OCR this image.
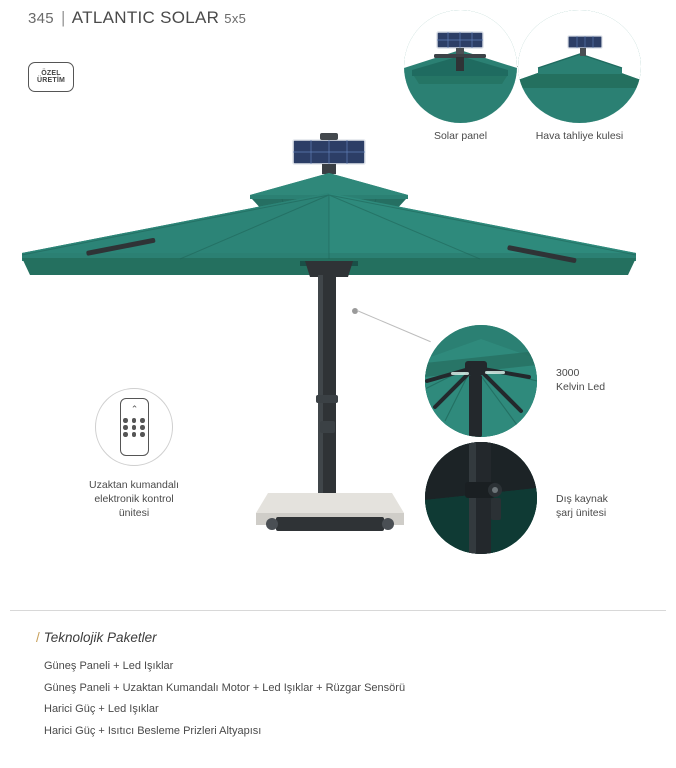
345 | ATLANTIC SOLAR 5x5
ÖZEL
ÜRETİM
Solar panel	Hava tahliye kulesi
⌃
Uzaktan kumandalı
elektronik kontrol
ünitesi
3000
Kelvin Led
Dış kaynak
şarj ünitesi
/ Teknolojik Paketler
Güneş Paneli + Led Işıklar
Güneş Paneli + Uzaktan Kumandalı Motor + Led Işıklar + Rüzgar Sensörü
Harici Güç + Led Işıklar
Harici Güç + Isıtıcı Besleme Prizleri Altyapısı
